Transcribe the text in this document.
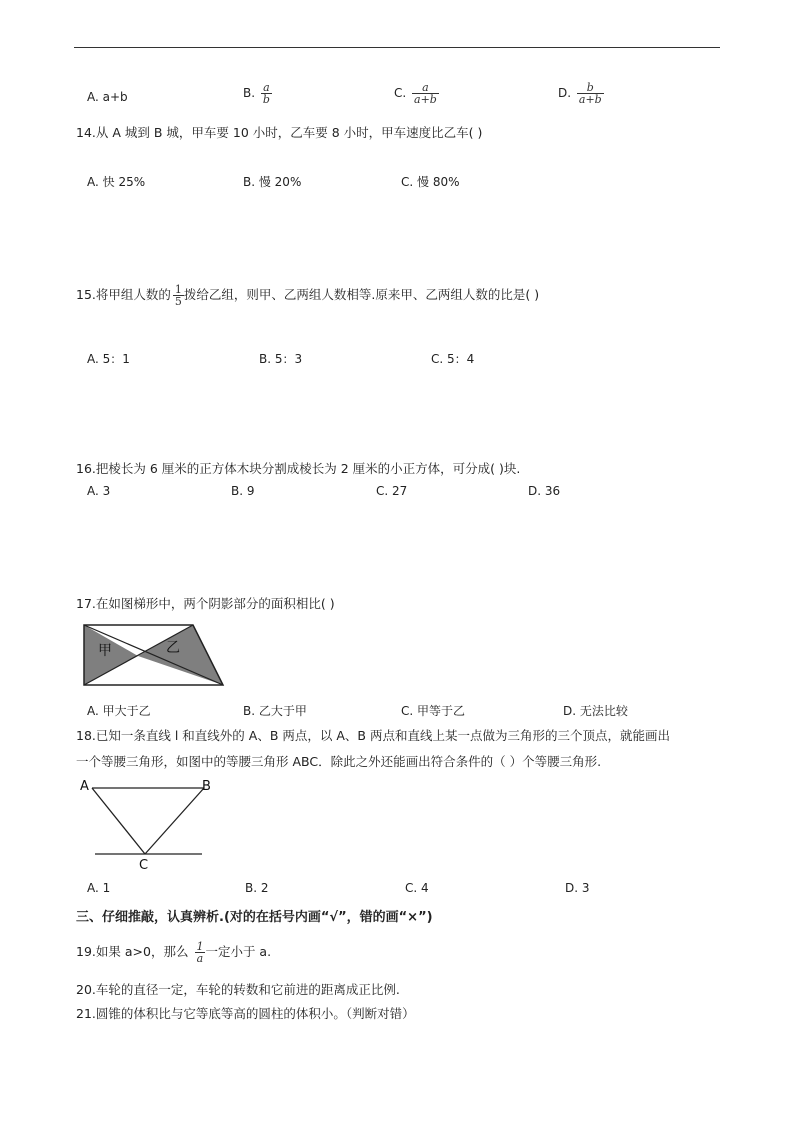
A. a+b	B. $\frac{a}{b}$	C. $\frac{a}{a+b}$	D. $\frac{b}{a+b}$
14.从 A 城到 B 城，甲车要 10 小时，乙车要 8 小时，甲车速度比乙车( )
A. 快 25%	B. 慢 20%	C. 慢 80%
15.将甲组人数的 $\frac{1}{5}$ 拨给乙组，则甲、乙两组人数相等.原来甲、乙两组人数的比是( )
A. 5：1	B. 5：3	C. 5：4
16.把棱长为 6 厘米的正方体木块分割成棱长为 2 厘米的小正方体，可分成( )块.
A. 3	B. 9	C. 27	D. 36
17.在如图梯形中，两个阴影部分的面积相比( )
甲	乙
A. 甲大于乙	B. 乙大于甲	C. 甲等于乙	D. 无法比较
18.已知一条直线 l 和直线外的 A、B 两点，以 A、B 两点和直线上某一点做为三角形的三个顶点，就能画出
一个等腰三角形，如图中的等腰三角形 ABC．除此之外还能画出符合条件的（ ）个等腰三角形.
A	B
C
A. 1	B. 2	C. 4	D. 3
三、仔细推敲，认真辨析.(对的在括号内画“√”，错的画“×”)
19.如果 a>0，那么 $\frac{1}{a}$ 一定小于 a.
20.车轮的直径一定，车轮的转数和它前进的距离成正比例.
21.圆锥的体积比与它等底等高的圆柱的体积小。（判断对错）
